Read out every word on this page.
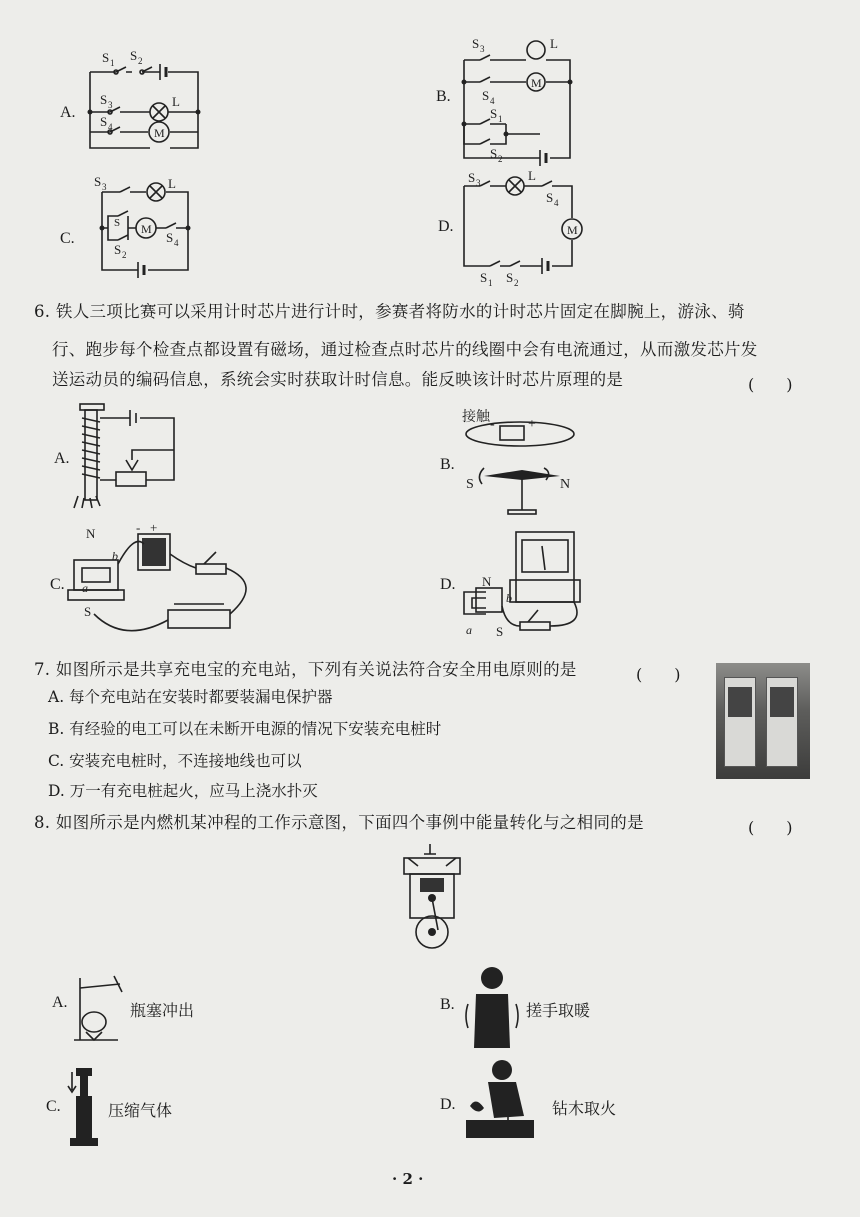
A.
M
S 1 S 2
S 3	L
S 4
B.
M
S 3	L
S 4
S 1
S 2
C.
M
S 3	L
S
S 2
S 4
D.	M
S 3	L
S 4
S 1 S 2
6. 铁人三项比赛可以采用计时芯片进行计时，参赛者将防水的计时芯片固定在脚腕上，游泳、骑
行、跑步每个检查点都设置有磁场，通过检查点时芯片的线圈中会有电流通过，从而激发芯片发
送运动员的编码信息，系统会实时获取计时信息。能反映该计时芯片原理的是	(　　)
A.	B.
接触 - +
S	N
C.
N
S
b
a
- +
D. N
S
a
b
7. 如图所示是共享充电宝的充电站，下列有关说法符合安全用电原则的是	(　　)
A. 每个充电站在安装时都要装漏电保护器
B. 有经验的电工可以在未断开电源的情况下安装充电桩时
C. 安装充电桩时，不连接地线也可以
D. 万一有充电桩起火，应马上浇水扑灭
8. 如图所示是内燃机某冲程的工作示意图，下面四个事例中能量转化与之相同的是	(　　)
A.	瓶塞冲出	B.	搓手取暖
C.	压缩气体	D.	钻木取火
· 2 ·
